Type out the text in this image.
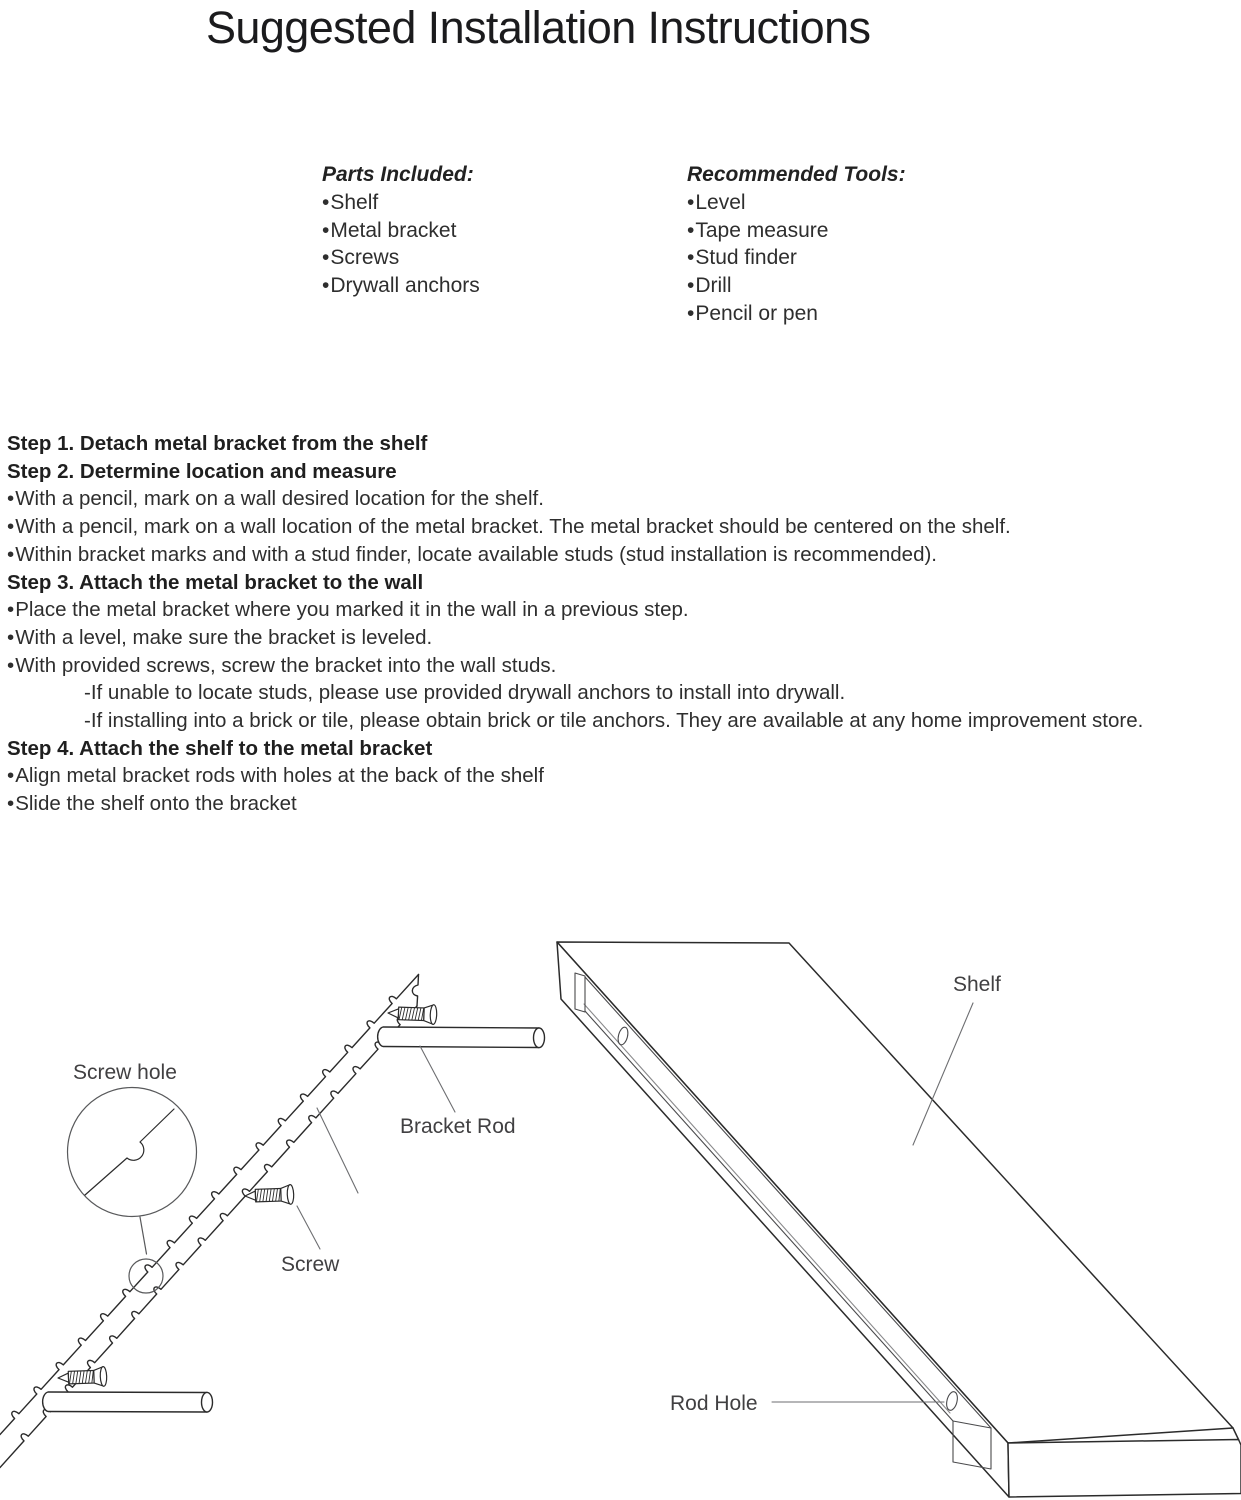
Suggested Installation Instructions
Parts Included:
•Shelf
•Metal bracket
•Screws
•Drywall anchors
Recommended Tools:
•Level
•Tape measure
•Stud finder
•Drill
•Pencil or pen
Step 1. Detach metal bracket from the shelf
Step 2. Determine location and measure
•With a pencil, mark on a wall desired location for the shelf.
•With a pencil, mark on a wall location of the metal bracket. The metal bracket should be centered on the shelf.
•Within bracket marks and with a stud finder, locate available studs (stud installation is recommended).
Step 3. Attach the metal bracket to the wall
•Place the metal bracket where you marked it in the wall in a previous step.
•With a level, make sure the bracket is leveled.
•With provided screws, screw the bracket into the wall studs.
-If unable to locate studs, please use provided drywall anchors to install into drywall.
-If installing into a brick or tile, please obtain brick or tile anchors. They are available at any home improvement store.
Step 4. Attach the shelf to the metal bracket
•Align metal bracket rods with holes at the back of the shelf
•Slide the shelf onto the bracket
Screw hole
Bracket Rod
Screw
Shelf
Rod Hole
